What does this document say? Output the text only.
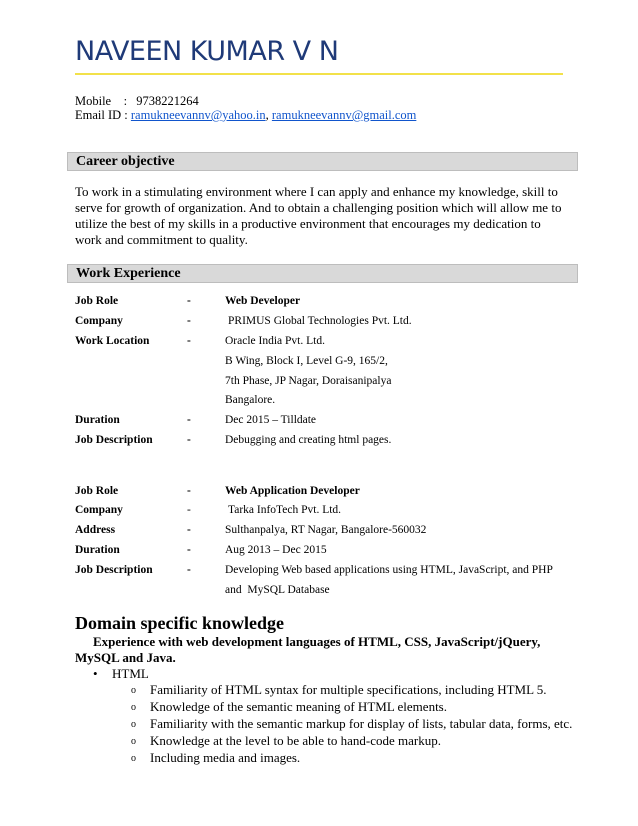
NAVEEN KUMAR V N
Mobile    : 9738221264
Email ID : ramukneevannv@yahoo.in, ramukneevannv@gmail.com
Career objective
To work in a stimulating environment where I can apply and enhance my knowledge, skill to serve for growth of organization. And to obtain a challenging position which will allow me to utilize the best of my skills in a productive environment that encourages my dedication to work and commitment to quality.
Work Experience
Job Role	-	Web Developer
Company	-	PRIMUS Global Technologies Pvt. Ltd.
Work Location	-	Oracle India Pvt. Ltd.
B Wing, Block I, Level G-9, 165/2,
7th Phase, JP Nagar, Doraisanipalya
Bangalore.
Duration	-	Dec 2015 – Tilldate
Job Description	-	Debugging and creating html pages.
Job Role	-	Web Application Developer
Company	-	Tarka InfoTech Pvt. Ltd.
Address	-	Sulthanpalya, RT Nagar, Bangalore-560032
Duration	-	Aug 2013 – Dec 2015
Job Description	-	Developing Web based applications using HTML, JavaScript, and PHP
and  MySQL Database
Domain specific knowledge
Experience with web development languages of HTML, CSS, JavaScript/jQuery, MySQL and Java.
• HTML
o Familiarity of HTML syntax for multiple specifications, including HTML 5.
o Knowledge of the semantic meaning of HTML elements.
o Familiarity with the semantic markup for display of lists, tabular data, forms, etc.
o Knowledge at the level to be able to hand-code markup.
o Including media and images.
